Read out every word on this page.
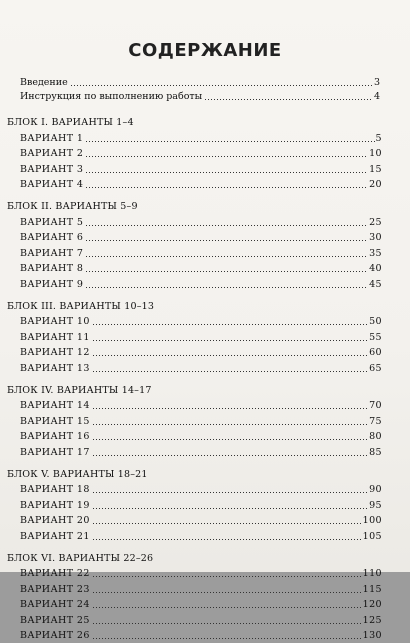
СОДЕРЖАНИЕ
Введение	3
Инструкция по выполнению работы	4
БЛОК I. ВАРИАНТЫ 1–4
ВАРИАНТ 1	5
ВАРИАНТ 2	10
ВАРИАНТ 3	15
ВАРИАНТ 4	20
БЛОК II. ВАРИАНТЫ 5–9
ВАРИАНТ 5	25
ВАРИАНТ 6	30
ВАРИАНТ 7	35
ВАРИАНТ 8	40
ВАРИАНТ 9	45
БЛОК III. ВАРИАНТЫ 10–13
ВАРИАНТ 10	50
ВАРИАНТ 11	55
ВАРИАНТ 12	60
ВАРИАНТ 13	65
БЛОК IV. ВАРИАНТЫ 14–17
ВАРИАНТ 14	70
ВАРИАНТ 15	75
ВАРИАНТ 16	80
ВАРИАНТ 17	85
БЛОК V. ВАРИАНТЫ 18–21
ВАРИАНТ 18	90
ВАРИАНТ 19	95
ВАРИАНТ 20	100
ВАРИАНТ 21	105
БЛОК VI. ВАРИАНТЫ 22–26
ВАРИАНТ 22	110
ВАРИАНТ 23	115
ВАРИАНТ 24	120
ВАРИАНТ 25	125
ВАРИАНТ 26	130
